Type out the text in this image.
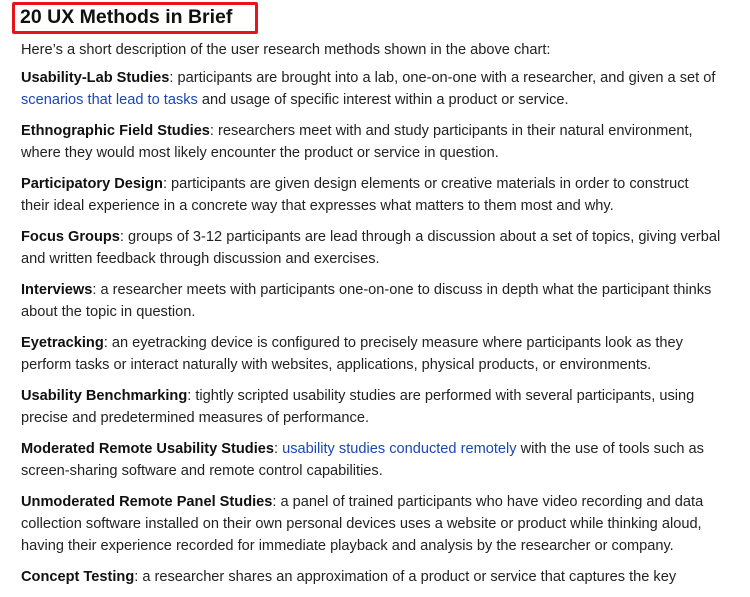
20 UX Methods in Brief

Here’s a short description of the user research methods shown in the above chart:

Usability-Lab Studies: participants are brought into a lab, one-on-one with a researcher, and given a set of
scenarios that lead to tasks and usage of specific interest within a product or service.
Ethnographic Field Studies: researchers meet with and study participants in their natural environment,
where they would most likely encounter the product or service in question.
Participatory Design: participants are given design elements or creative materials in order to construct
their ideal experience in a concrete way that expresses what matters to them most and why.
Focus Groups: groups of 3-12 participants are lead through a discussion about a set of topics, giving verbal
and written feedback through discussion and exercises.
Interviews: a researcher meets with participants one-on-one to discuss in depth what the participant thinks
about the topic in question.
Eyetracking: an eyetracking device is configured to precisely measure where participants look as they
perform tasks or interact naturally with websites, applications, physical products, or environments.
Usability Benchmarking: tightly scripted usability studies are performed with several participants, using
precise and predetermined measures of performance.
Moderated Remote Usability Studies: usability studies conducted remotely with the use of tools such as
screen-sharing software and remote control capabilities.
Unmoderated Remote Panel Studies: a panel of trained participants who have video recording and data
collection software installed on their own personal devices uses a website or product while thinking aloud,
having their experience recorded for immediate playback and analysis by the researcher or company.
Concept Testing: a researcher shares an approximation of a product or service that captures the key
